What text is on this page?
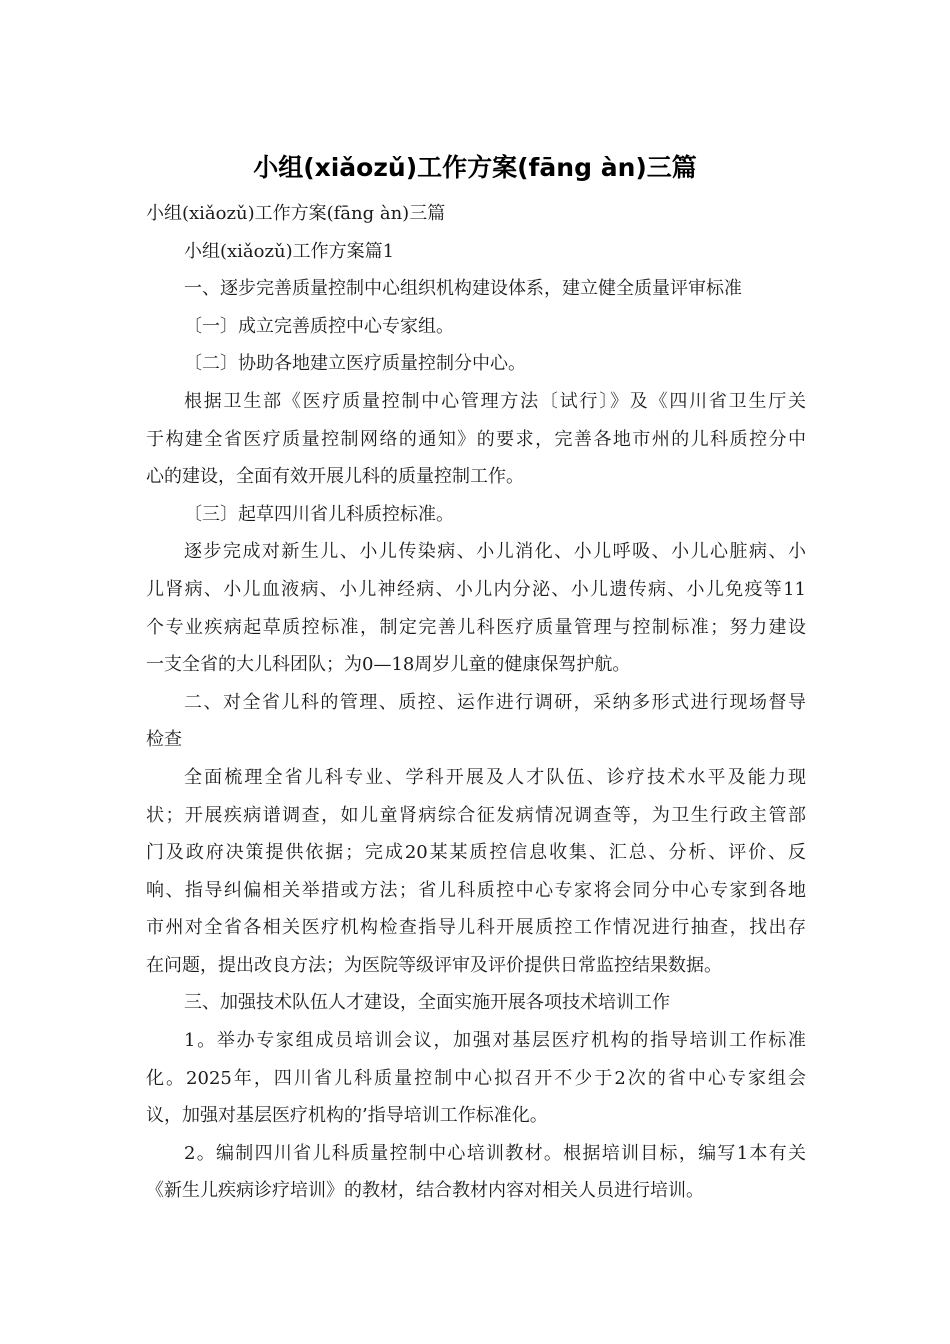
小组(xiǎozǔ)工作方案(fāng àn)三篇
小组(xiǎozǔ)工作方案(fāng àn)三篇
小组(xiǎozǔ)工作方案篇1
一、逐步完善质量控制中心组织机构建设体系，建立健全质量评审标准
〔一〕成立完善质控中心专家组。
〔二〕协助各地建立医疗质量控制分中心。
根据卫生部《医疗质量控制中心管理方法〔试行〕》及《四川省卫生厅关
于构建全省医疗质量控制网络的通知》的要求，完善各地市州的儿科质控分中
心的建设，全面有效开展儿科的质量控制工作。
〔三〕起草四川省儿科质控标准。
逐步完成对新生儿、小儿传染病、小儿消化、小儿呼吸、小儿心脏病、小
儿肾病、小儿血液病、小儿神经病、小儿内分泌、小儿遗传病、小儿免疫等11
个专业疾病起草质控标准，制定完善儿科医疗质量管理与控制标准；努力建设
一支全省的大儿科团队；为0—18周岁儿童的健康保驾护航。
二、对全省儿科的管理、质控、运作进行调研，采纳多形式进行现场督导
检查
全面梳理全省儿科专业、学科开展及人才队伍、诊疗技术水平及能力现
状；开展疾病谱调查，如儿童肾病综合征发病情况调查等，为卫生行政主管部
门及政府决策提供依据；完成20某某质控信息收集、汇总、分析、评价、反
响、指导纠偏相关举措或方法；省儿科质控中心专家将会同分中心专家到各地
市州对全省各相关医疗机构检查指导儿科开展质控工作情况进行抽查，找出存
在问题，提出改良方法；为医院等级评审及评价提供日常监控结果数据。
三、加强技术队伍人才建设，全面实施开展各项技术培训工作
1。举办专家组成员培训会议，加强对基层医疗机构的指导培训工作标准
化。2025年，四川省儿科质量控制中心拟召开不少于2次的省中心专家组会
议，加强对基层医疗机构的’指导培训工作标准化。
2。编制四川省儿科质量控制中心培训教材。根据培训目标，编写1本有关
《新生儿疾病诊疗培训》的教材，结合教材内容对相关人员进行培训。
